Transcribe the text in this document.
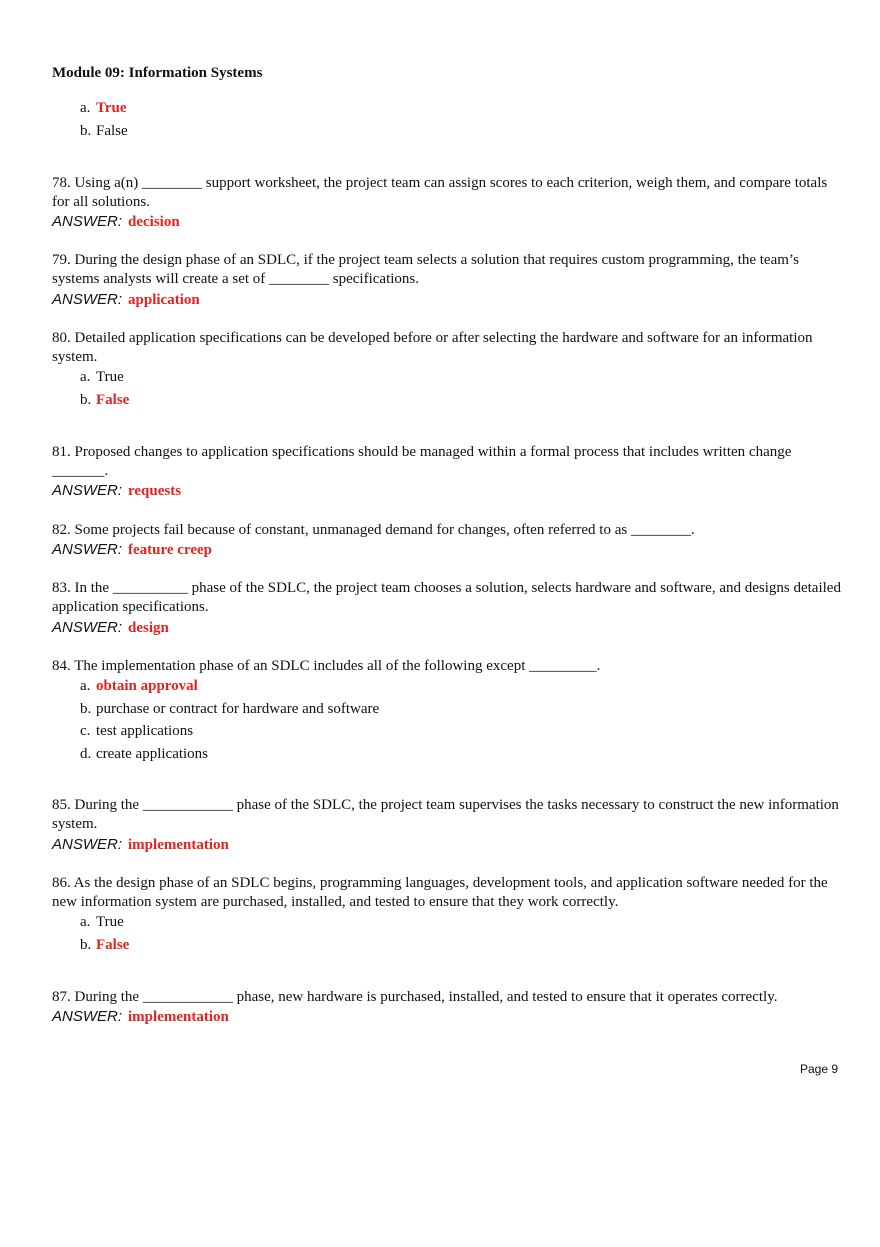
Module 09: Information Systems
a. True
b. False
78. Using a(n) ________ support worksheet, the project team can assign scores to each criterion, weigh them, and compare totals for all solutions.
ANSWER: decision
79. During the design phase of an SDLC, if the project team selects a solution that requires custom programming, the team’s systems analysts will create a set of ________ specifications.
ANSWER: application
80. Detailed application specifications can be developed before or after selecting the hardware and software for an information system.
a. True
b. False
81. Proposed changes to application specifications should be managed within a formal process that includes written change _______.
ANSWER: requests
82. Some projects fail because of constant, unmanaged demand for changes, often referred to as ________.
ANSWER: feature creep
83. In the __________ phase of the SDLC, the project team chooses a solution, selects hardware and software, and designs detailed application specifications.
ANSWER: design
84. The implementation phase of an SDLC includes all of the following except _________.
a. obtain approval
b. purchase or contract for hardware and software
c. test applications
d. create applications
85. During the ____________ phase of the SDLC, the project team supervises the tasks necessary to construct the new information system.
ANSWER: implementation
86. As the design phase of an SDLC begins, programming languages, development tools, and application software needed for the new information system are purchased, installed, and tested to ensure that they work correctly.
a. True
b. False
87. During the ____________ phase, new hardware is purchased, installed, and tested to ensure that it operates correctly.
ANSWER: implementation
Page 9
